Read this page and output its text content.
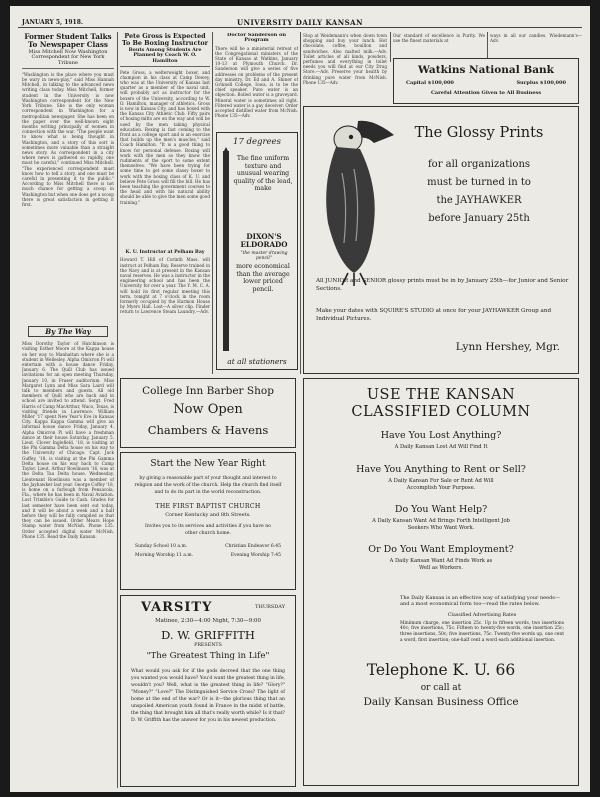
JANUARY 5, 1918.	UNIVERSITY DAILY KANSAN
Former Student Talks To Newspaper Class
Miss Mitchell Now Washington Correspondent for New York Tribune
"Washington is the place where you must be wary in news-play," said Miss Hannah Mitchell, in talking to the advanced news writing class today. Miss Mitchell, former student in the University is now Washington correspondent for the New York Tribune. She is the only woman correspondent in Washington for a metropolitan newspaper. She has been on the paper over the well-known eight months writing principally of women in connection with the war. "The people want to know what is being thought in Washington, and a story of this sort is sometimes more valuable than a straight news story. As correspondent in a city where news is gathered so rapidly, one must be careful," continued Miss Mitchell. "The experienced correspondent must know how to tell a story, and one must be careful in presenting it to the public." According to Miss Mitchell there is not much chance for getting a scoop in Washington but when one does get a scoop there is great satisfaction in getting it first.
By The Way
Miss Dorothy Taylor of Hutchinson is visiting Esther Moore at the Kappa house on her way to Manhattan where she is a student in Wellesley. Alpha Omicron Pi will entertain with a house dance Friday, January 6. The Quill Club has issued invitations for an open meeting Thursday, January 10, in Fraser auditorium. Miss Margaret Lynn and Miss Sara Laird will talk to members and guests. All old members of Quill who are back and in school are invited to attend. Sergt. Fred Harris of Camp MacArthur, Waco, Texas, is visiting friends in Lawrence. William Miller '17 spent New Year's Eve in Kansas City. Kappa Kappa Gamma will give an informal house dance Friday, January 4. Alpha Omicron Pi will have a freshman dance at their house Saturday, January 5. Lieut. Clover Inglefield, '18, is visiting at the Phi Gamma Delta house on his way to the University of Chicago. Capt. Jack Guffey, '18, is visiting at the Phi Gamma Delta house on his way back to Camp Taylor. Lieut. Arthur Rowlinson '16, was at the Delta Tau Delta house. Wednesday. Lieutenant Rowlinson was a member of the Jayhawker last year. George Coffey '18, is home on a furlough from Pensacola, Fla., where he has been in Naval Aviation. Lost Trimble's Guide to Cash. Grades for last semester have been sent out today, and it will be about a week and a half before they will be fully compiled so that they can be issued. Order Mears Hope Stamp water from McNish. Phone 135. Order accepted digital water McNish, Phone 135. Read the Daily Kansan.
Pete Gross is Expected To Be Boxing Instructor
Bouts Among Students Are Planned by Coach W. O. Hamilton
Pete Gross, a welterweight boxer, and champion in his class at Camp Dewey, who was at the University of Kansas last quarter as a member of the naval unit, will probably act as instructor for the boxers of the University, according to W. O. Hamilton, manager of athletics. Gross is now in Kansas City, and has boxed with the Kansas City Athletic Club. Fifty pairs of boxing mitts are on the way and will be used by the men taking physical education. Boxing is fast coming to the front as a college sport and is an exercise that builds up the men's muscles," said Coach Hamilton. "It is a good thing to know for personal defense. Boxing will work with the men so they know the rudiments of the sport to some extent themselves. "We have been trying for some time to get some classy boxer to work with the boxing class of K. U. and believe Pete Gross will fill the bill. He has been teaching the government courses to the head and with his natural ability should be able to give the men some good training."
K. U. Instructor at Pelham Bay
Howard T. Hill of Corinth Mass. will instruct at Pelham Bay. Reserve trained in the Navy and is at present in the Kansan naval reserves. He was a instructor in the engineering school and has been the University for over a year. The Y. M. C. A. will hold its first regular meeting this term, tonight at 7 o'clock in the room formerly occupied by the Harmon House by Myers Hall. Lost—A silver clip. Finder return to Lawrence Steam Laundry.—Adv.
Doctor Sanderson on Program
There will be a ministerial retreat of the Congregational ministers of the State of Kansas at Watkins, January 10-13 at Plymouth Church. Dr. Sanderson will give a series of five addresses on problems of the present day ministry. Dr. Ed and A. Shiner of Grinnell College, Iowa, is to be the chief speaker. Pure water is an objection. Boiled water is a graveyard. Mineral water is sometimes all right. Filtered water is a gay deceiver. Order accepted distilled water from McNish. Phone 135—Adv.
Stop at Weidemann's when down town shopping and buy your lunch. Hot chocolate, coffee, bouillon and sandwiches. Also malted milk.—Adv. Toilet articles of all kinds, powders, perfumes and everything in toilet needs you will find at our City Drug Store.—Adv. Preserve your health by drinking pure water from McNish. Phone 135—Adv.
Our standard of excellence is Purity. We use the finest materials at
ways in all our candies. Wiedemann's—Adv.
17 degrees
The fine uniform texture and unusual wearing quality of the lead, make
DIXON'S ELDORADO
"the master drawing pencil"
more economical than the average lower priced pencil.
at all stationers
Watkins National Bank
Capital $100,000	Surplus $100,000
Careful Attention Given to All Business
The Glossy Prints
for all organizations
must be turned in to
the JAYHAWKER
before January 25th
All JUNIOR and SENIOR glossy prints must be in by January 25th—for Junior and Senior Sections.
Make your dates with SQUIRE'S STUDIO at once for your JAYHAWKER Group and Individual Pictures.
Lynn Hershey, Mgr.
College Inn Barber Shop
Now Open
Chambers & Havens
Start the New Year Right
by giving a reasonable part of your thought and interest to religion and the work of the church. Help the church find itself and to do its part in the world reconstruction.
THE FIRST BAPTIST CHURCH
Corner Kentucky and 8th Streets.
Invites you to its services and activities if you have no other church home.
Sunday School 10 a.m.	Christian Endeavor 6:45
Morning Worship 11 a.m.	Evening Worship 7:45
VARSITY	THURSDAY
Matinee, 2:30—4:00 Night, 7:30—9:00
D. W. GRIFFITH
PRESENTS
"The Greatest Thing in Life"
What would you ask for if the gods decreed that the one thing you wanted you would have? You'd want the greatest thing in life, wouldn't you? Well, what is the greatest thing in life? "Glory?" "Money?" "Love?" The Distinguished Service Cross? The light of home at the end of the war? Or is it—the glorious thing that an unspoiled American youth found in France in the midst of battle, the thing that brought him all that's really worth while? Is it that? D. W. Griffith has the answer for you in his newest production.
USE THE KANSAN
CLASSIFIED COLUMN
Have You Lost Anything?
A Daily Kansan Lost Ad Will Find It
Have You Anything to Rent or Sell?
A Daily Kansan For Sale or Rent Ad Will Accomplish Your Purpose.
Do You Want Help?
A Daily Kansan Want Ad Brings Forth Intelligent Job Seekers Who Want Work.
Or Do You Want Employment?
A Daily Kansan Want Ad Finds Work as Well as Workers.
The Daily Kansan is an effective way of satisfying your needs—and a most economical form too—read the rates below.
Classified Advertising Rates
Minimum charge, one insertion 25c. Up to fifteen words, two insertions 40c; five insertions, 75c. Fifteen to twenty-five words, one insertion 25c; three insertions, 50c; five insertions, 75c. Twenty-five words up, one cent a word, first insertion; one-half cent a word each additional insertion.
Telephone K. U. 66
or call at
Daily Kansan Business Office
